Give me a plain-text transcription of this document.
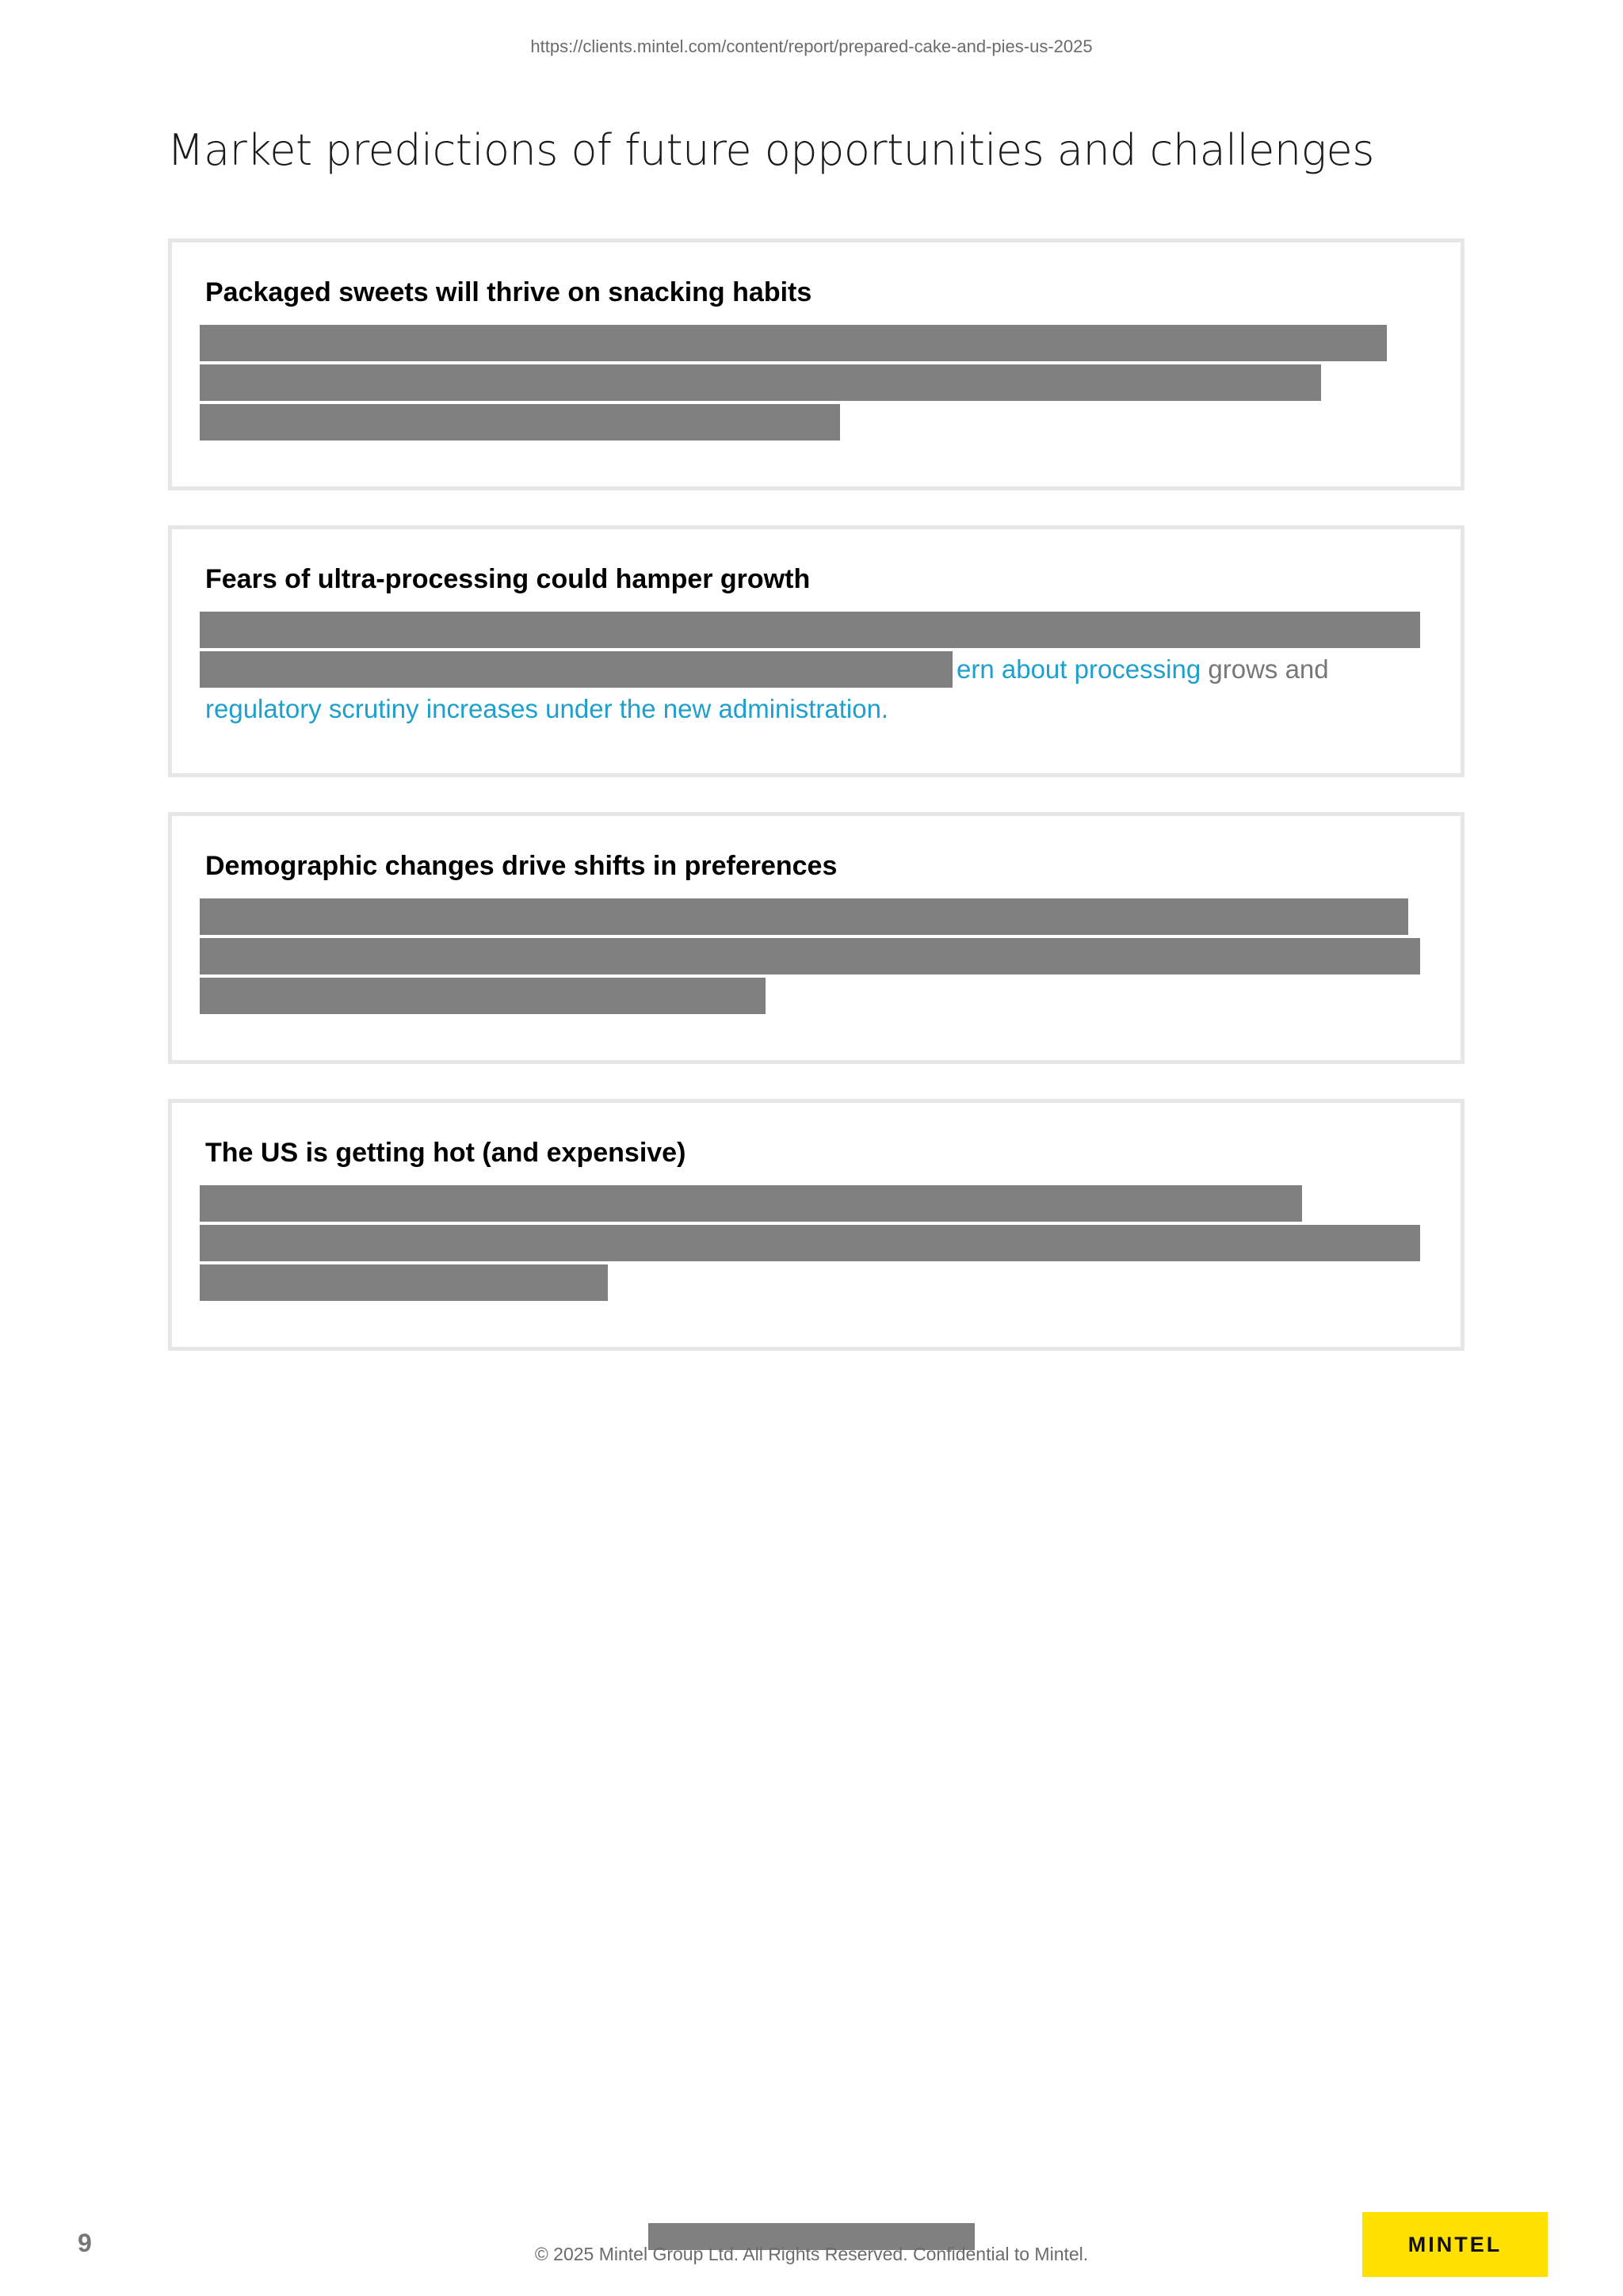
https://clients.mintel.com/content/report/prepared-cake-and-pies-us-2025
Market predictions of future opportunities and challenges
Packaged sweets will thrive on snacking habits
Fears of ultra-processing could hamper growth
ern about processing grows and
regulatory scrutiny increases under the new administration.
Demographic changes drive shifts in preferences
The US is getting hot (and expensive)
9	© 2025 Mintel Group Ltd. All Rights Reserved. Confidential to Mintel.	MINTEL
